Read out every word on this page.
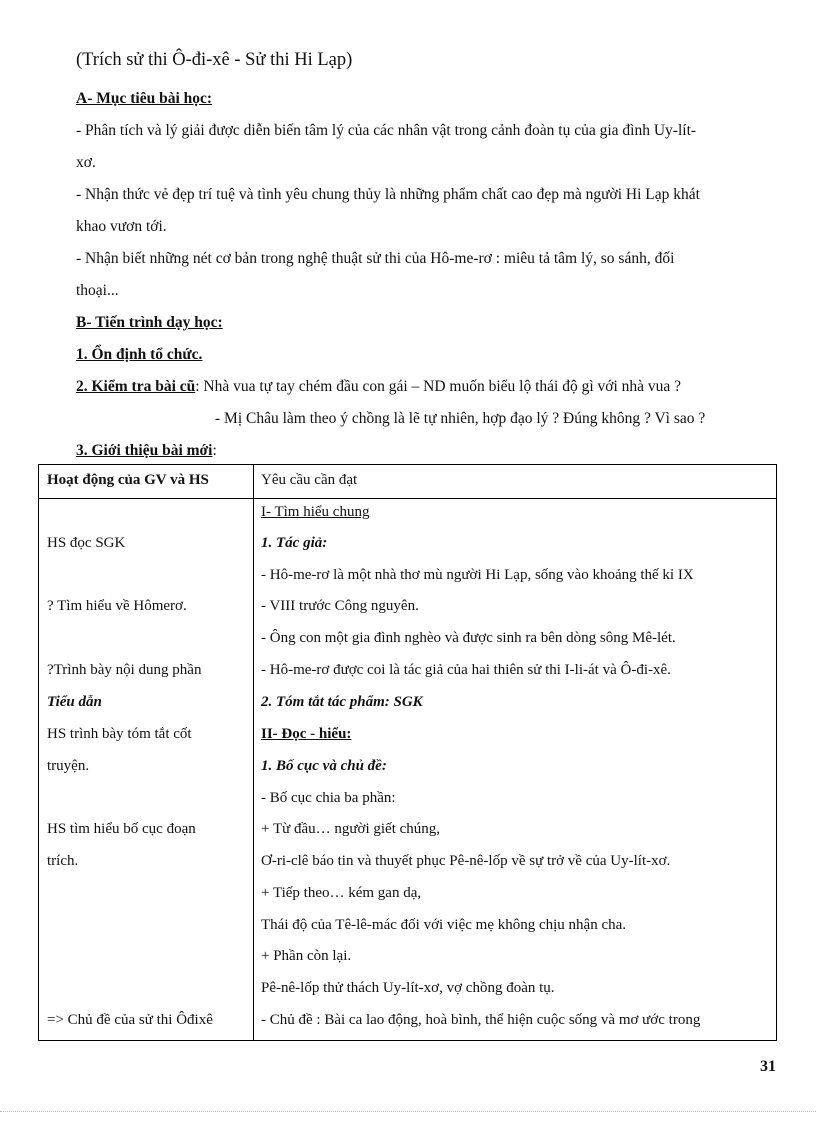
(Trích sử thi Ô-đi-xê - Sử thi Hi Lạp)
A- Mục tiêu bài học:
- Phân tích và lý giải được diễn biến tâm lý của các nhân vật trong cảnh đoàn tụ của gia đình Uy-lít-
xơ.
- Nhận thức vẻ đẹp trí tuệ và tình yêu chung thủy là những phẩm chất cao đẹp mà người Hi Lạp khát
khao vươn tới.
- Nhận biết những nét cơ bản trong nghệ thuật sử thi của Hô-me-rơ : miêu tả tâm lý, so sánh, đối
thoại...
B- Tiến trình dạy học:
1. Ổn định tổ chức.
2. Kiểm tra bài cũ: Nhà vua tự tay chém đầu con gái – ND muốn biểu lộ thái độ gì với nhà vua ?
- Mị Châu làm theo ý chồng là lẽ tự nhiên, hợp đạo lý ? Đúng không ? Vì sao ?
3. Giới thiệu bài mới:
Hoạt động của GV và HS	Yêu cầu cần đạt
HS đọc SGK
? Tìm hiểu về Hômerơ.
?Trình bày nội dung phần
Tiểu dẫn
HS trình bày tóm tắt cốt
truyện.
HS tìm hiểu bố cục đoạn
trích.
=> Chủ đề của sử thi Ôđixê
I- Tìm hiểu chung
1. Tác giả:
- Hô-me-rơ là một nhà thơ mù người Hi Lạp, sống vào khoảng thế kỉ IX
- VIII trước Công nguyên.
- Ông con một gia đình nghèo và được sinh ra bên dòng sông Mê-lét.
- Hô-me-rơ được coi là tác giả của hai thiên sử thi I-li-át và Ô-đi-xê.
2. Tóm tắt tác phẩm: SGK
II- Đọc - hiểu:
1. Bố cục và chủ đề:
- Bố cục chia ba phần:
+ Từ đầu… người giết chúng,
Ơ-ri-clê báo tin và thuyết phục Pê-nê-lốp về sự trở về của Uy-lít-xơ.
+ Tiếp theo… kém gan dạ,
Thái độ của Tê-lê-mác đối với việc mẹ không chịu nhận cha.
+ Phần còn lại.
Pê-nê-lốp thử thách Uy-lít-xơ, vợ chồng đoàn tụ.
- Chủ đề : Bài ca lao động, hoà bình, thể hiện cuộc sống và mơ ước trong
31
